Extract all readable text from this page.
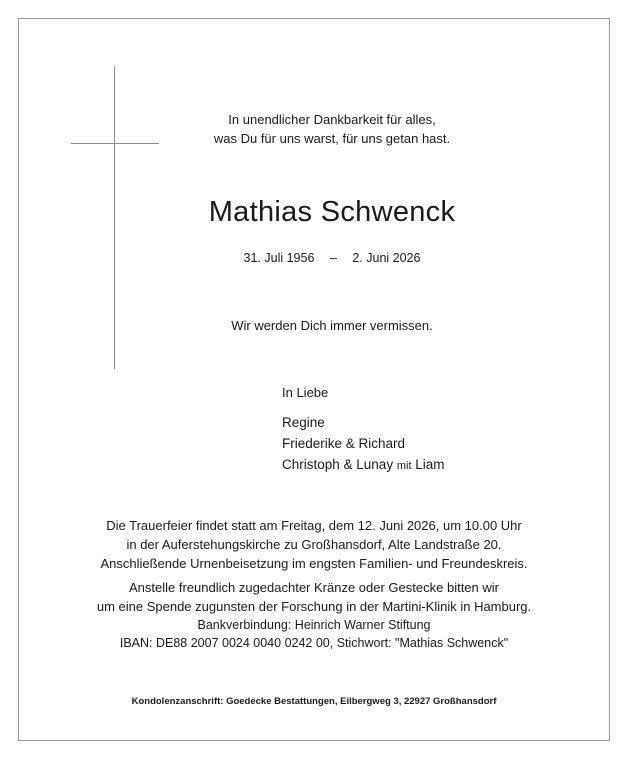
In unendlicher Dankbarkeit für alles,
was Du für uns warst, für uns getan hast.
Mathias Schwenck
31. Juli 1956 – 2. Juni 2026
Wir werden Dich immer vermissen.
In Liebe
Regine
Friederike & Richard
Christoph & Lunay mit Liam
Die Trauerfeier findet statt am Freitag, dem 12. Juni 2026, um 10.00 Uhr
in der Auferstehungskirche zu Großhansdorf, Alte Landstraße 20.
Anschließende Urnenbeisetzung im engsten Familien- und Freundeskreis.
Anstelle freundlich zugedachter Kränze oder Gestecke bitten wir
um eine Spende zugunsten der Forschung in der Martini-Klinik in Hamburg.
Bankverbindung: Heinrich Warner Stiftung
IBAN: DE88 2007 0024 0040 0242 00, Stichwort: "Mathias Schwenck"
Kondolenzanschrift: Goedecke Bestattungen, Eilbergweg 3, 22927 Großhansdorf
